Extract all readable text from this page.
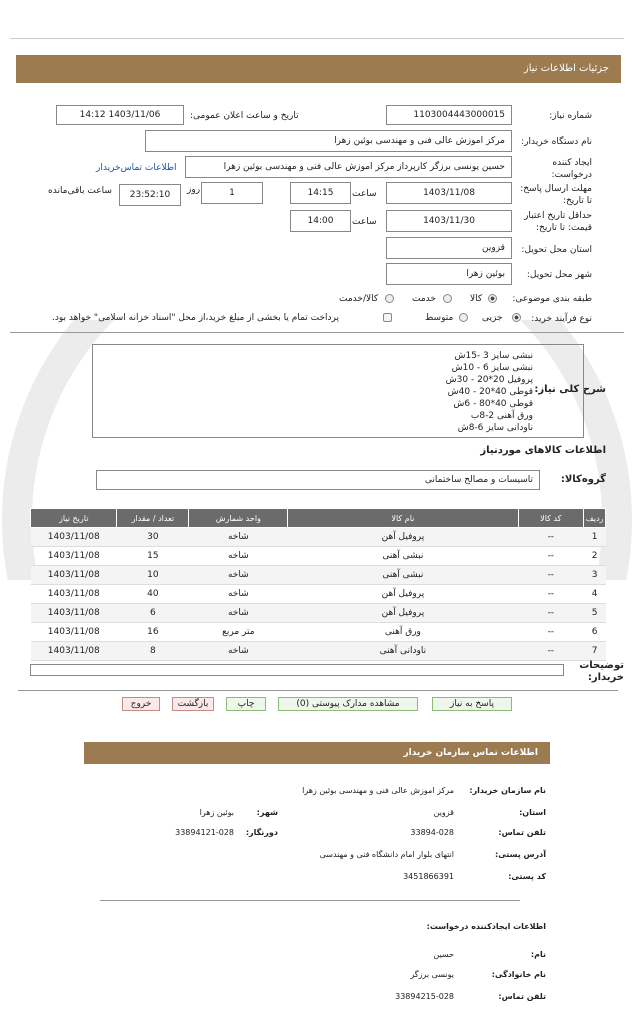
جزئیات اطلاعات نیاز
شماره نیاز:
1103004443000015
تاریخ و ساعت اعلان عمومی:
1403/11/06 14:12
نام دستگاه خریدار:
مرکز اموزش عالی فنی و مهندسی بوئین زهرا
ایجاد کننده درخواست:
حسین یونسی برزگر کارپرداز مرکز اموزش عالی فنی و مهندسی بوئین زهرا
اطلاعات تماس‌خریدار
مهلت ارسال پاسخ: تا تاریخ:
1403/11/08
ساعت
14:15
1
روز
23:52:10
ساعت باقی‌مانده
حداقل تاریخ اعتبار قیمت: تا تاریخ:
1403/11/30
ساعت
14:00
استان محل تحویل:
قزوین
شهر محل تحویل:
بوئین زهرا
طبقه بندی موضوعی:
کالا
خدمت
کالا/خدمت
نوع فرآیند خرید:
جزیی
متوسط
پرداخت تمام یا بخشی از مبلغ خرید،از محل "اسناد خزانه اسلامی" خواهد بود.
شرح کلی نیاز:
نبشی سایز 3 -15ش
نبشی سایز 6 - 10ش
پروفیل 20*20 - 30ش
قوطی 40*20 - 40ش
قوطی 40*80 - 6ش
ورق آهنی 2-8ب
ناودانی سایز 6-8ش
اطلاعات کالاهای موردنیاز
گروه‌کالا:
تاسیسات و مصالح ساختمانی
ردیف	کد کالا	نام کالا	واحد شمارش	تعداد / مقدار	تاریخ نیاز
1	--	پروفیل آهن	شاخه	30	1403/11/08
2	--	نبشی آهنی	شاخه	15	1403/11/08
3	--	نبشی آهنی	شاخه	10	1403/11/08
4	--	پروفیل آهن	شاخه	40	1403/11/08
5	--	پروفیل آهن	شاخه	6	1403/11/08
6	--	ورق آهنی	متر مربع	16	1403/11/08
7	--	ناودانی آهنی	شاخه	8	1403/11/08
توضیحات خریدار:
پاسخ به نیاز
مشاهده مدارک پیوستی (0)
چاپ
بازگشت
خروج
اطلاعات تماس سازمان خریدار
نام سازمان خریدار:
مرکز اموزش عالی فنی و مهندسی بوئین زهرا
استان:
قزوین
شهر:
بوئین زهرا
تلفن تماس:
33894-028
دورنگار:
33894121-028
آدرس پستی:
انتهای بلوار امام دانشگاه فنی و مهندسی
کد پستی:
3451866391
اطلاعات ایجادکننده درخواست:
نام:
حسین
نام خانوادگی:
یونسی برزگر
تلفن تماس:
33894215-028
